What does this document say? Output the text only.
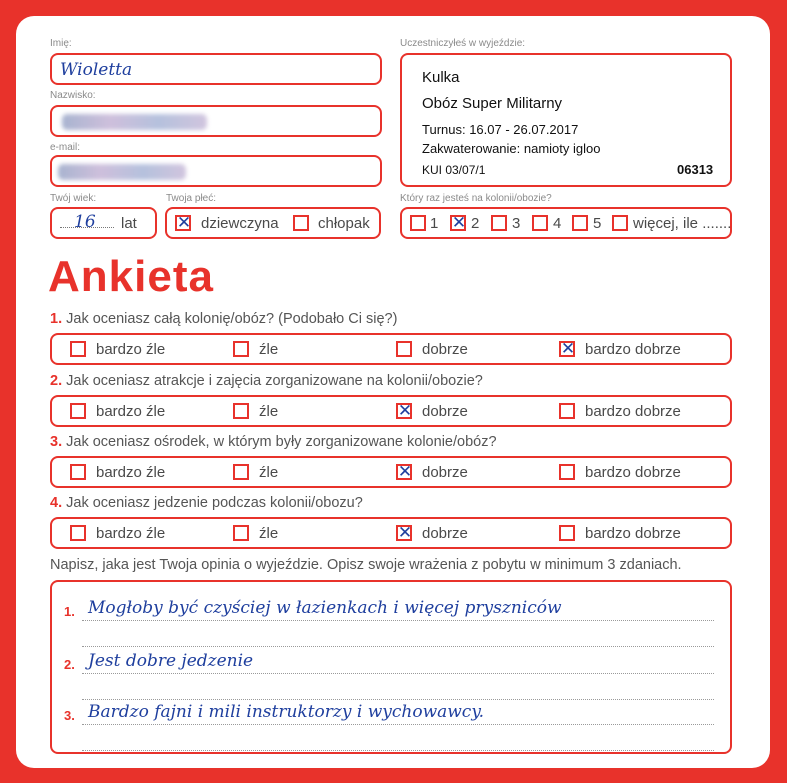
Imię:
Wioletta
Nazwisko:
e-mail:
Twój wiek:
16 lat
Twoja płeć:
✕ dziewczyna	chłopak
Uczestniczyłeś w wyjeździe:
Kulka
Obóz Super Militarny
Turnus: 16.07 - 26.07.2017
Zakwaterowanie: namioty igloo
KUI 03/07/1	06313
Który raz jesteś na kolonii/obozie?
1 ✕ 2 3 4 5 więcej, ile .......
Ankieta
1. Jak oceniasz całą kolonię/obóz? (Podobało Ci się?)
bardzo źle	źle	dobrze	✕ bardzo dobrze
2. Jak oceniasz atrakcje i zajęcia zorganizowane na kolonii/obozie?
bardzo źle	źle	✕ dobrze	bardzo dobrze
3. Jak oceniasz ośrodek, w którym były zorganizowane kolonie/obóz?
bardzo źle	źle	✕ dobrze	bardzo dobrze
4. Jak oceniasz jedzenie podczas kolonii/obozu?
bardzo źle	źle	✕ dobrze	bardzo dobrze
Napisz, jaka jest Twoja opinia o wyjeździe. Opisz swoje wrażenia z pobytu w minimum 3 zdaniach.
1. Mogłoby być czyściej w łazienkach i więcej pryszniców
2. Jest dobre jedzenie
3. Bardzo fajni i mili instruktorzy i wychowawcy.
